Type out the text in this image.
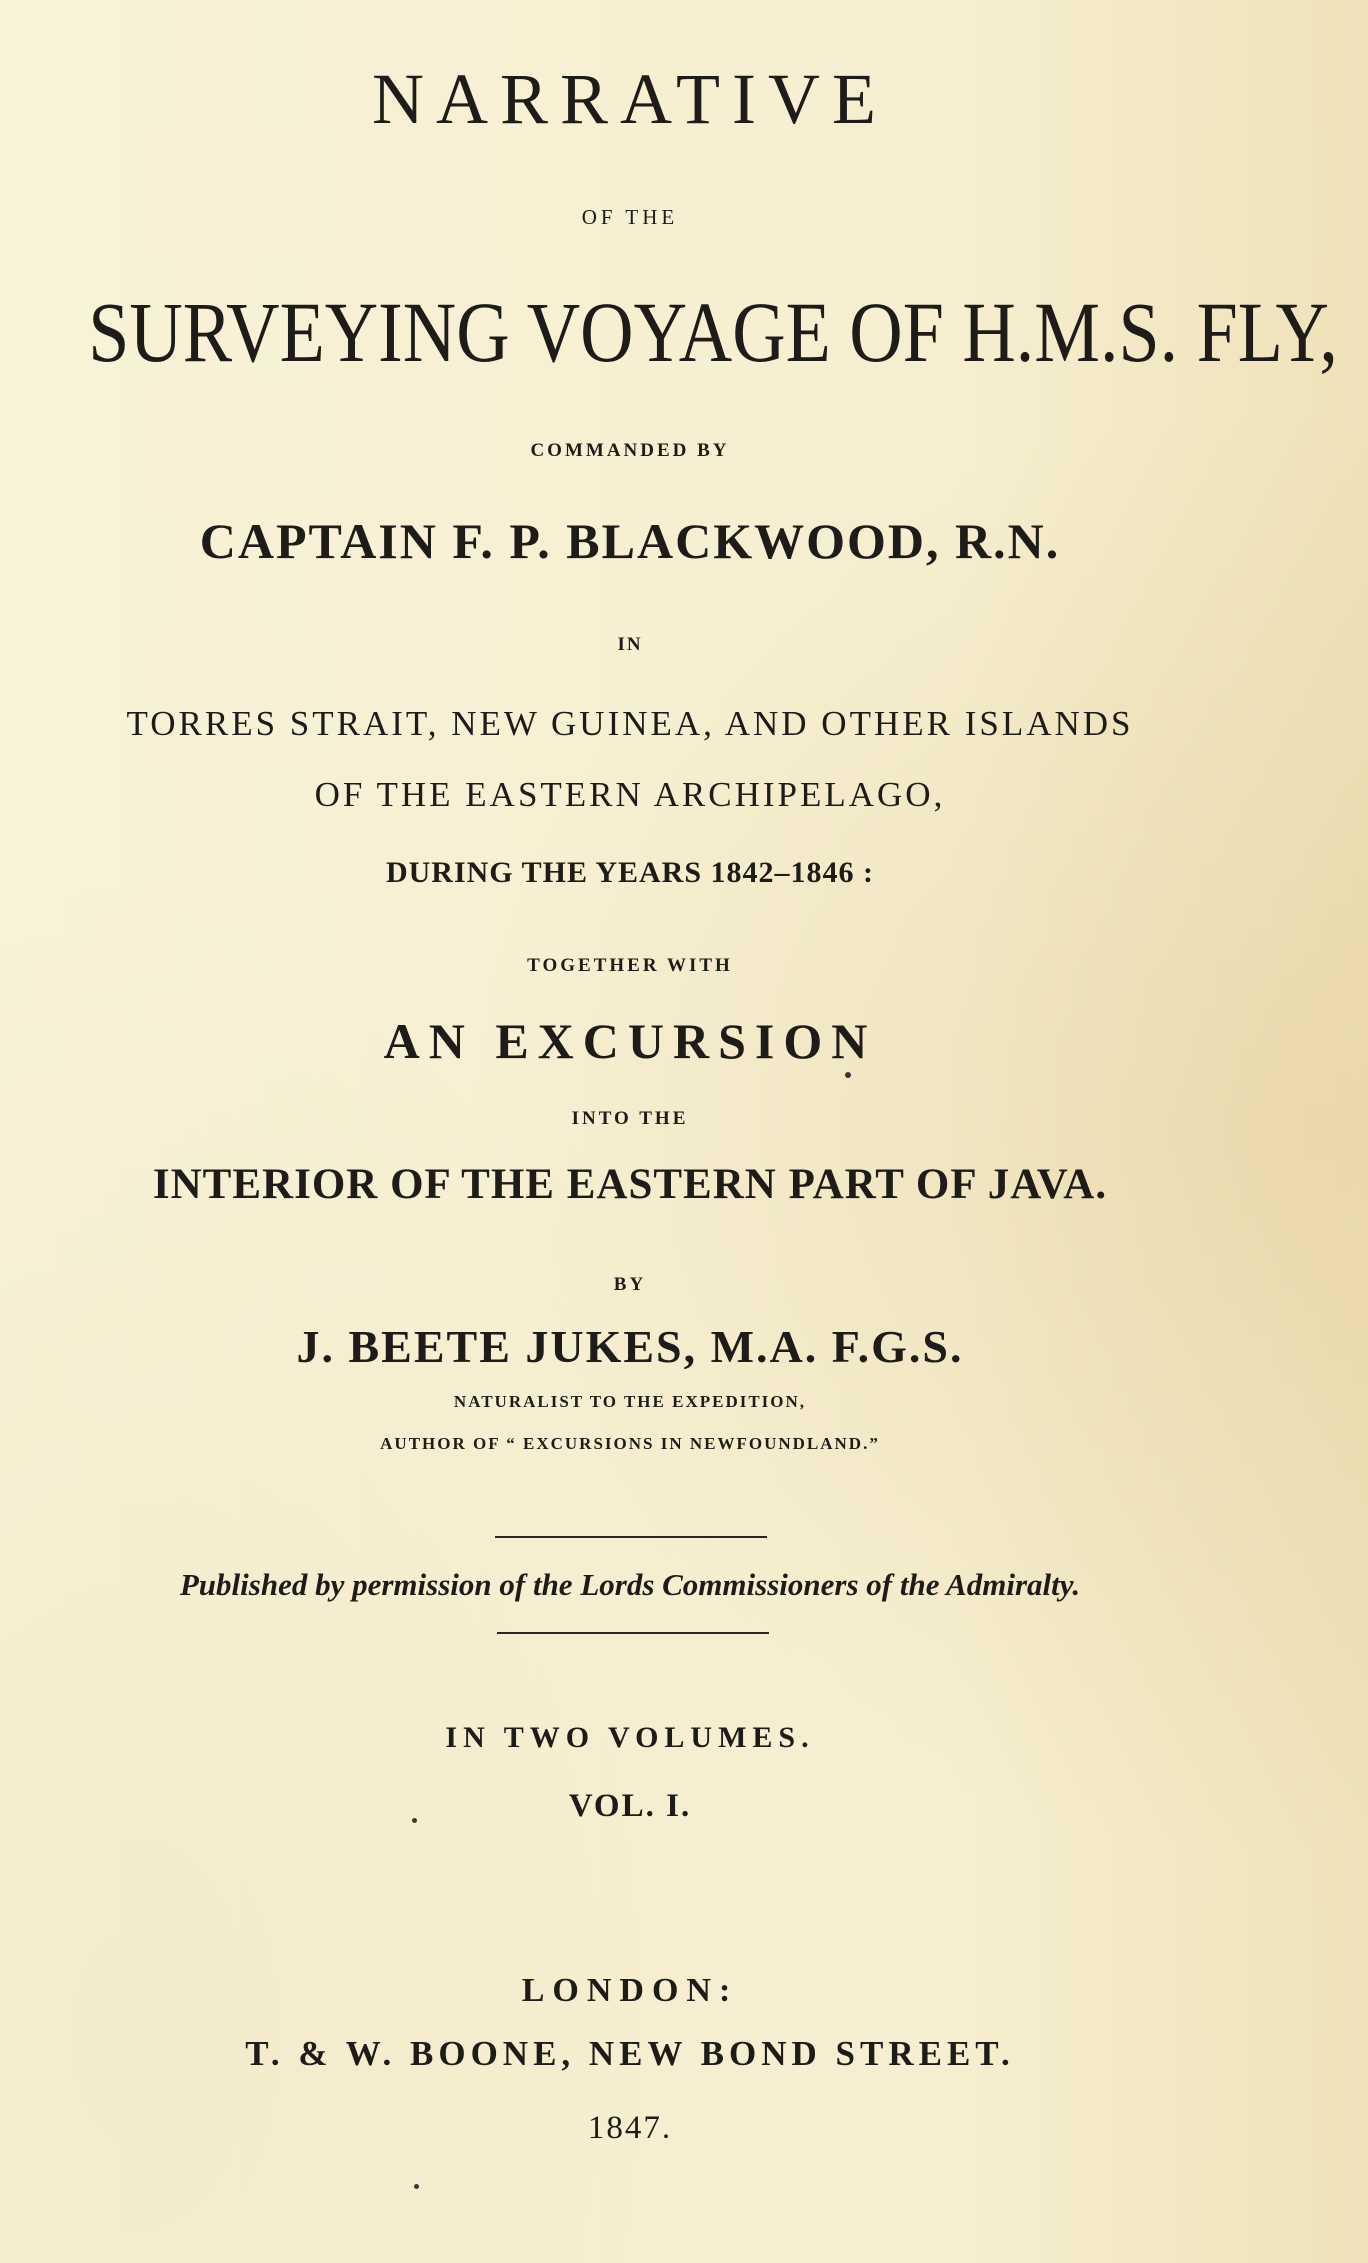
NARRATIVE
OF THE
SURVEYING VOYAGE OF H.M.S. FLY,
COMMANDED BY
CAPTAIN F. P. BLACKWOOD, R.N.
IN
TORRES STRAIT, NEW GUINEA, AND OTHER ISLANDS
OF THE EASTERN ARCHIPELAGO,
DURING THE YEARS 1842–1846 :
TOGETHER WITH
AN EXCURSION
INTO THE
INTERIOR OF THE EASTERN PART OF JAVA.
BY
J. BEETE JUKES, M.A. F.G.S.
NATURALIST TO THE EXPEDITION,
AUTHOR OF “ EXCURSIONS IN NEWFOUNDLAND.”
Published by permission of the Lords Commissioners of the Admiralty.
IN TWO VOLUMES.
VOL. I.
LONDON:
T. & W. BOONE, NEW BOND STREET.
1847.
